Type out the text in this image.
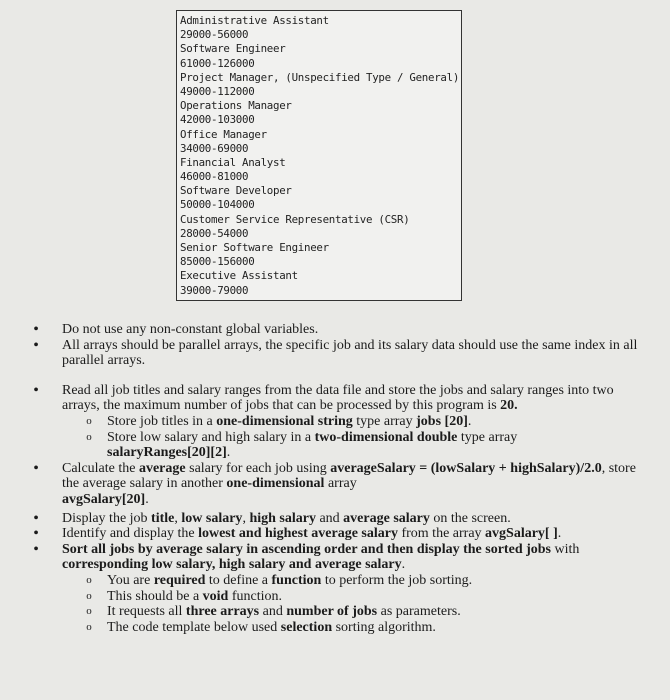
Administrative Assistant
29000-56000
Software Engineer
61000-126000
Project Manager, (Unspecified Type / General)
49000-112000
Operations Manager
42000-103000
Office Manager
34000-69000
Financial Analyst
46000-81000
Software Developer
50000-104000
Customer Service Representative (CSR)
28000-54000
Senior Software Engineer
85000-156000
Executive Assistant
39000-79000
• Do not use any non-constant global variables.
• All arrays should be parallel arrays, the specific job and its salary data should use the same index in all parallel arrays.
• Read all job titles and salary ranges from the data file and store the jobs and salary ranges into two arrays, the maximum number of jobs that can be processed by this program is 20.
o Store job titles in a one-dimensional string type array jobs [20].
o Store low salary and high salary in a two-dimensional double type array
salaryRanges[20][2].
• Calculate the average salary for each job using averageSalary = (lowSalary + highSalary)/2.0, store the average salary in another one-dimensional array
avgSalary[20].
• Display the job title, low salary, high salary and average salary on the screen.
• Identify and display the lowest and highest average salary from the array avgSalary[ ].
• Sort all jobs by average salary in ascending order and then display the sorted jobs with corresponding low salary, high salary and average salary.
o You are required to define a function to perform the job sorting.
o This should be a void function.
o It requests all three arrays and number of jobs as parameters.
o The code template below used selection sorting algorithm.
